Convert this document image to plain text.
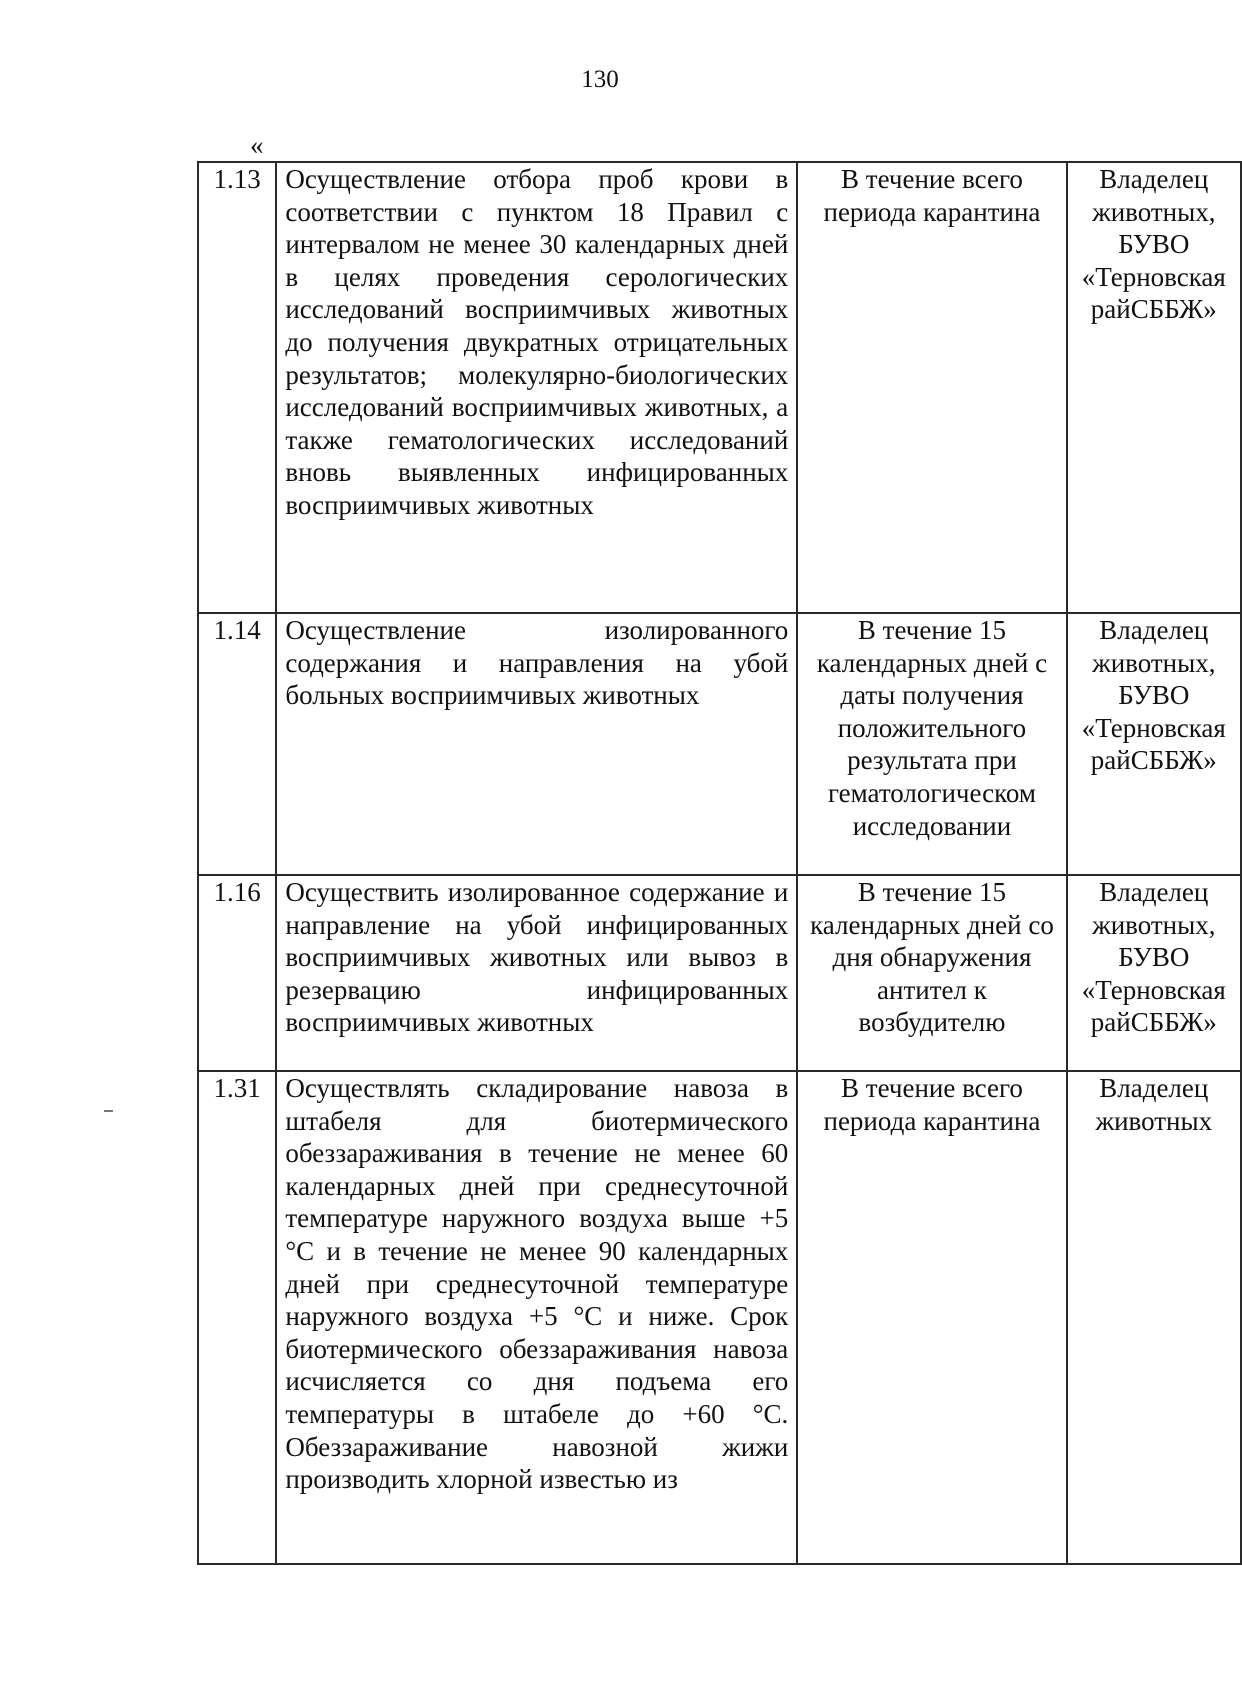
130
«
1.13	Осуществление отбора проб крови в соответствии с пунктом 18 Правил с интервалом не менее 30 календарных дней в целях проведения серологических исследований восприимчивых животных до получения двукратных отрицательных результатов; молекулярно-биологических исследований восприимчивых животных, а также гематологических исследований вновь выявленных инфицированных восприимчивых животных	В течение всего периода карантина	Владелец животных, БУВО «Терновская райСББЖ»
1.14	Осуществление изолированного содержания и направления на убой больных восприимчивых животных	В течение 15 календарных дней с даты получения положительного результата при гематологическом исследовании	Владелец животных, БУВО «Терновская райСББЖ»
1.16	Осуществить изолированное содержание и направление на убой инфицированных восприимчивых животных или вывоз в резервацию инфицированных восприимчивых животных	В течение 15 календарных дней со дня обнаружения антител к возбудителю	Владелец животных, БУВО «Терновская райСББЖ»
1.31	Осуществлять складирование навоза в штабеля для биотермического обеззараживания в течение не менее 60 календарных дней при среднесуточной температуре наружного воздуха выше +5 °С и в течение не менее 90 календарных дней при среднесуточной температуре наружного воздуха +5 °С и ниже. Срок биотермического обеззараживания навоза исчисляется со дня подъема его температуры в штабеле до +60 °С. Обеззараживание навозной жижи производить хлорной известью из	В течение всего периода карантина	Владелец животных
